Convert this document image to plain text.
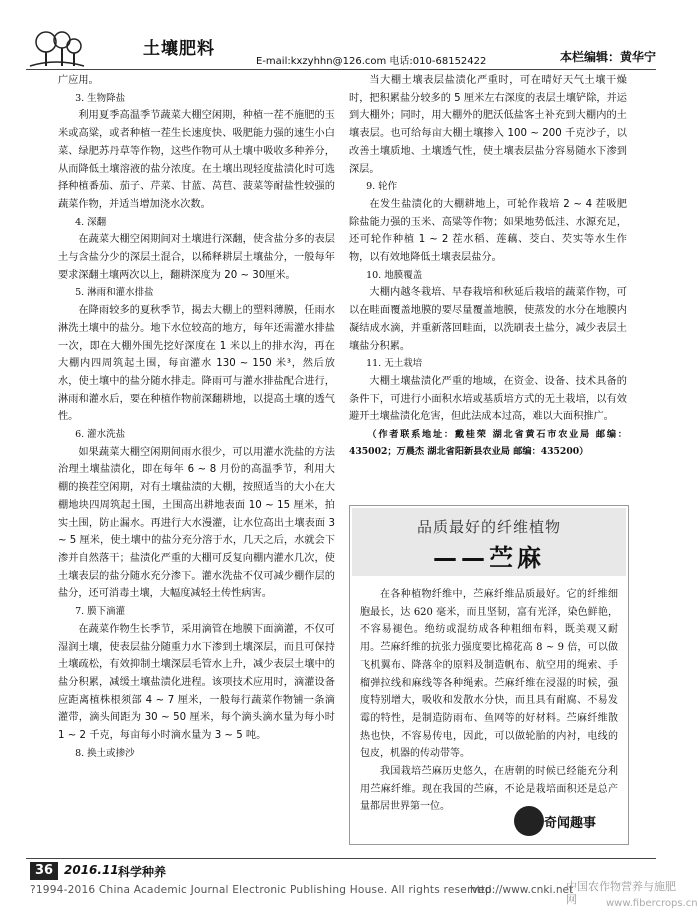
土壤肥料
E-mail:kxzyhhn@126.com 电话:010-68152422	本栏编辑：黄华宁

广应用。

3. 生物降盐

利用夏季高温季节蔬菜大棚空闲期，种植一茬不施肥的玉米或高粱，或者种植一茬生长速度快、吸肥能力强的速生小白菜、绿肥苏丹草等作物，这些作物可从土壤中吸收多种养分，从而降低土壤溶液的盐分浓度。在土壤出现轻度盐渍化时可选择种植番茄、茄子、芹菜、甘蓝、莴苣、菠菜等耐盐性较强的蔬菜作物，并适当增加浇水次数。

4. 深翻

在蔬菜大棚空闲期间对土壤进行深翻，使含盐分多的表层土与含盐分少的深层土混合，以稀释耕层土壤盐分，一般每年要求深翻土壤两次以上，翻耕深度为 20 ~ 30厘米。

5. 淋雨和灌水排盐

在降雨较多的夏秋季节，揭去大棚上的塑料薄膜，任雨水淋洗土壤中的盐分。地下水位较高的地方，每年还需灌水排盐一次，即在大棚外围先挖好深度在 1 米以上的排水沟，再在大棚内四周筑起土围，每亩灌水 130 ~ 150 米³，然后放水，使土壤中的盐分随水排走。降雨可与灌水排盐配合进行，淋雨和灌水后，要在种植作物前深翻耕地，以提高土壤的透气性。

6. 灌水洗盐

如果蔬菜大棚空闲期间雨水很少，可以用灌水洗盐的方法治理土壤盐渍化，即在每年 6 ~ 8 月份的高温季节，利用大棚的换茬空闲期，对有土壤盐渍的大棚，按照适当的大小在大棚地块四周筑起土围，土围高出耕地表面 10 ~ 15 厘米，拍实土围，防止漏水。再进行大水漫灌，让水位高出土壤表面 3 ~ 5 厘米，使土壤中的盐分充分溶于水，几天之后，水就会下渗并自然落干；盐渍化严重的大棚可反复向棚内灌水几次，使土壤表层的盐分随水充分渗下。灌水洗盐不仅可减少棚作层的盐分，还可消毒土壤，大幅度减轻土传性病害。

7. 膜下滴灌

在蔬菜作物生长季节，采用滴管在地膜下面滴灌，不仅可湿润土壤，使表层盐分随重力水下渗到土壤深层，而且可保持土壤疏松，有效抑制土壤深层毛管水上升，减少表层土壤中的盐分积累，减缓土壤盐渍化进程。该项技术应用时，滴灌设备应距离植株根须部 4 ~ 7 厘米，一般每行蔬菜作物铺一条滴灌带，滴头间距为 30 ~ 50 厘米，每个滴头滴水量为每小时 1 ~ 2 千克，每亩每小时滴水量为 3 ~ 5 吨。

8. 换土或掺沙

当大棚土壤表层盐渍化严重时，可在晴好天气土壤干燥时，把积累盐分较多的 5 厘米左右深度的表层土壤铲除，并运到大棚外；同时，用大棚外的肥沃低盐客土补充到大棚内的土壤表层。也可给每亩大棚土壤掺入 100 ~ 200 千克沙子，以改善土壤质地、土壤透气性，使土壤表层盐分容易随水下渗到深层。

9. 轮作

在发生盐渍化的大棚耕地上，可轮作栽培 2 ~ 4 茬吸肥除盐能力强的玉米、高粱等作物；如果地势低洼、水源充足，还可轮作种植 1 ~ 2 茬水稻、莲藕、茭白、芡实等水生作物，以有效地降低土壤表层盐分。

10. 地膜覆盖

大棚内越冬栽培、早春栽培和秋延后栽培的蔬菜作物，可以在畦面覆盖地膜的要尽量覆盖地膜，使蒸发的水分在地膜内凝结成水滴，并重新落回畦面，以洗刷表土盐分，减少表层土壤盐分积累。

11. 无土栽培

大棚土壤盐渍化严重的地域，在资金、设备、技术具备的条件下，可进行小面积水培或基质培方式的无土栽培，以有效避开土壤盐渍化危害，但此法成本过高，难以大面积推广。

（作者联系地址：戴桂荣 湖北省黄石市农业局 邮编：435002；万晨杰 湖北省阳新县农业局 邮编：435200）

品质最好的纤维植物
——苎麻

在各种植物纤维中，苎麻纤维品质最好。它的纤维细胞最长，达 620 毫米，而且坚韧，富有光泽，染色鲜艳，不容易褪色。绝纺或混纺成各种粗细布料，既美观又耐用。苎麻纤维的抗张力强度要比棉花高 8 ~ 9 倍，可以做飞机翼布、降落伞的原料及制造帆布、航空用的绳索、手榴弹拉线和麻线等各种绳索。苎麻纤维在浸湿的时候，强度特别增大，吸收和发散水分快，而且具有耐腐、不易发霉的特性，是制造防雨布、鱼网等的好材料。苎麻纤维散热也快，不容易传电，因此，可以做轮胎的内衬，电线的包皮，机器的传动带等。

我国栽培苎麻历史悠久，在唐朝的时候已经能充分利用苎麻纤维。现在我国的苎麻，不论是栽培面积还是总产量都居世界第一位。

奇闻趣事
36 2016.11 科学种养
?1994-2016 China Academic Journal Electronic Publishing House. All rights reserved.
http://www.cnki.net
中国农作物营养与施肥网	www.fibercrops.cn
